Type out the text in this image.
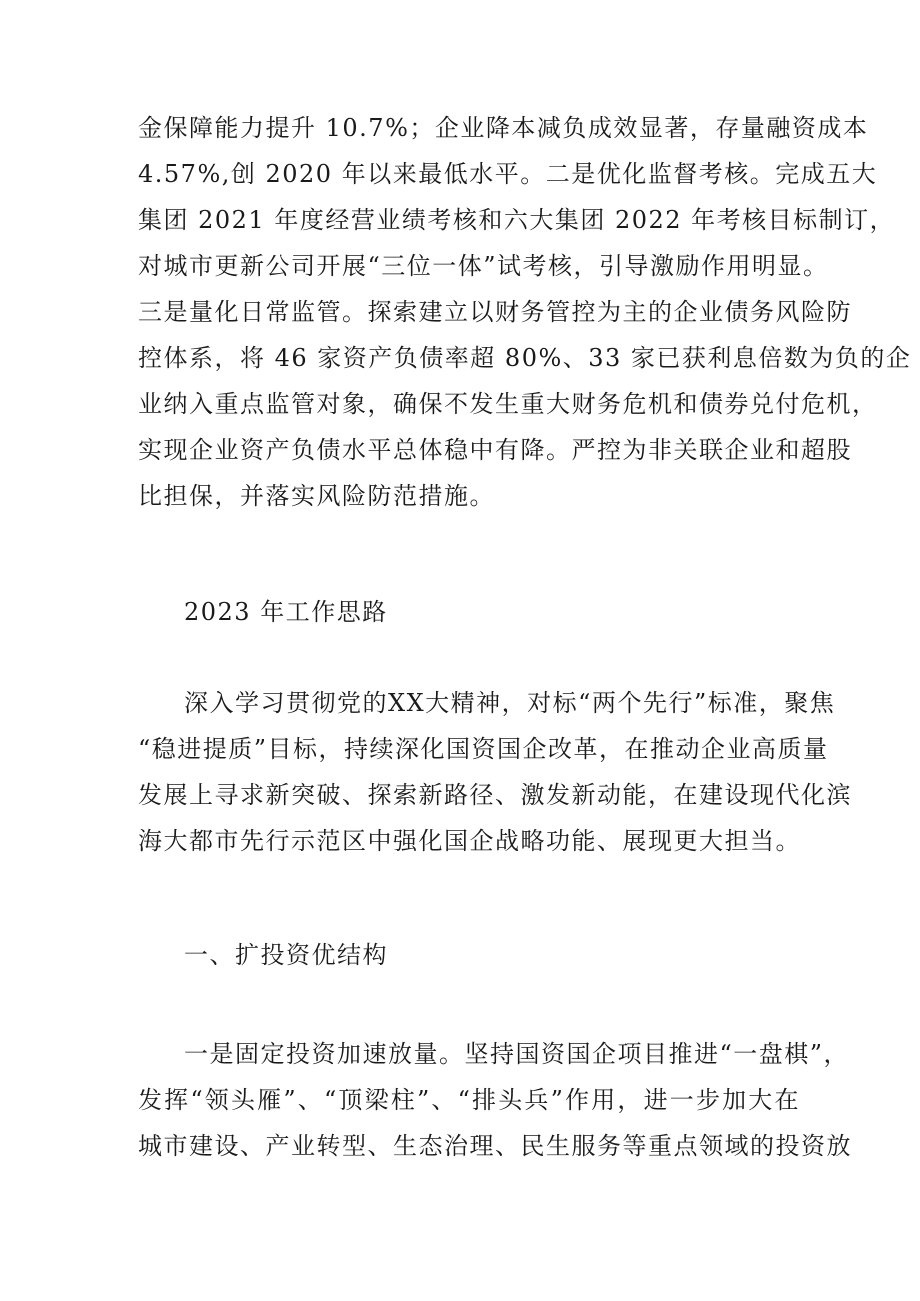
金保障能力提升 10.7%；企业降本减负成效显著，存量融资成本
4.57%,创 2020 年以来最低水平。二是优化监督考核。完成五大
集团 2021 年度经营业绩考核和六大集团 2022 年考核目标制订，
对城市更新公司开展“三位一体”试考核，引导激励作用明显。
三是量化日常监管。探索建立以财务管控为主的企业债务风险防
控体系，将 46 家资产负债率超 80%、33 家已获利息倍数为负的企
业纳入重点监管对象，确保不发生重大财务危机和债券兑付危机，
实现企业资产负债水平总体稳中有降。严控为非关联企业和超股
比担保，并落实风险防范措施。
2023 年工作思路
深入学习贯彻党的XX大精神，对标“两个先行”标准，聚焦
“稳进提质”目标，持续深化国资国企改革，在推动企业高质量
发展上寻求新突破、探索新路径、激发新动能，在建设现代化滨
海大都市先行示范区中强化国企战略功能、展现更大担当。
一、扩投资优结构
一是固定投资加速放量。坚持国资国企项目推进“一盘棋”，
发挥“领头雁”、“顶梁柱”、“排头兵”作用，进一步加大在
城市建设、产业转型、生态治理、民生服务等重点领域的投资放
